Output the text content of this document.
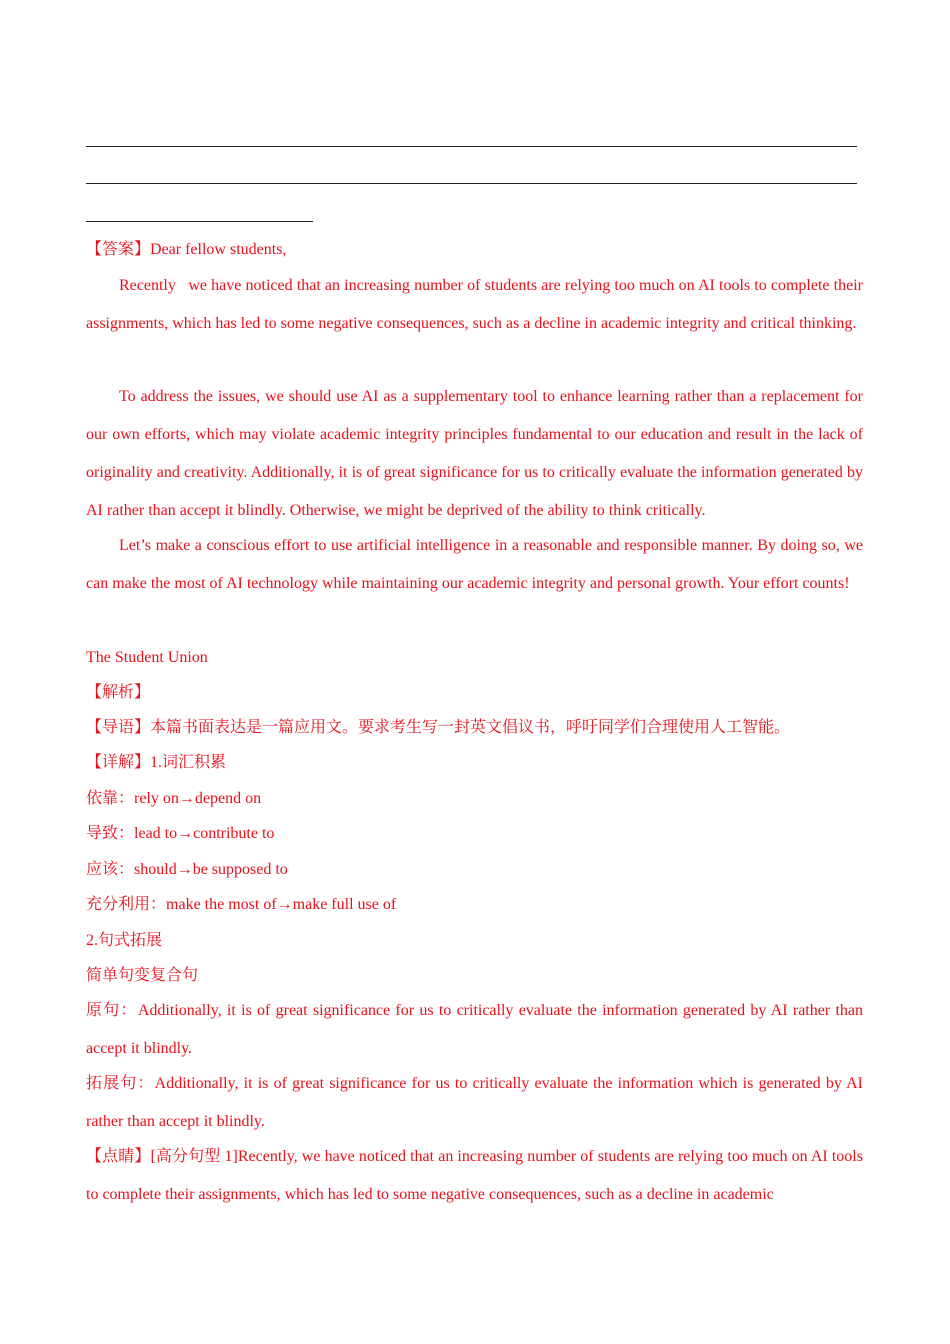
【答案】Dear fellow students,
Recently   we have noticed that an increasing number of students are relying too much on AI tools to complete their assignments, which has led to some negative consequences, such as a decline in academic integrity and critical thinking.
To address the issues, we should use AI as a supplementary tool to enhance learning rather than a replacement for our own efforts, which may violate academic integrity principles fundamental to our education and result in the lack of originality and creativity. Additionally, it is of great significance for us to critically evaluate the information generated by AI rather than accept it blindly. Otherwise, we might be deprived of the ability to think critically.
Let’s make a conscious effort to use artificial intelligence in a reasonable and responsible manner. By doing so, we can make the most of AI technology while maintaining our academic integrity and personal growth. Your effort counts!
The Student Union
【解析】
【导语】本篇书面表达是一篇应用文。要求考生写一封英文倡议书，呼吁同学们合理使用人工智能。
【详解】1.词汇积累
依靠：rely on→depend on
导致：lead to→contribute to
应该：should→be supposed to
充分利用：make the most of→make full use of
2.句式拓展
简单句变复合句
原句：Additionally, it is of great significance for us to critically evaluate the information generated by AI rather than accept it blindly.
拓展句：Additionally, it is of great significance for us to critically evaluate the information which is generated by AI rather than accept it blindly.
【点睛】[高分句型 1]Recently, we have noticed that an increasing number of students are relying too much on AI tools to complete their assignments, which has led to some negative consequences, such as a decline in academic
